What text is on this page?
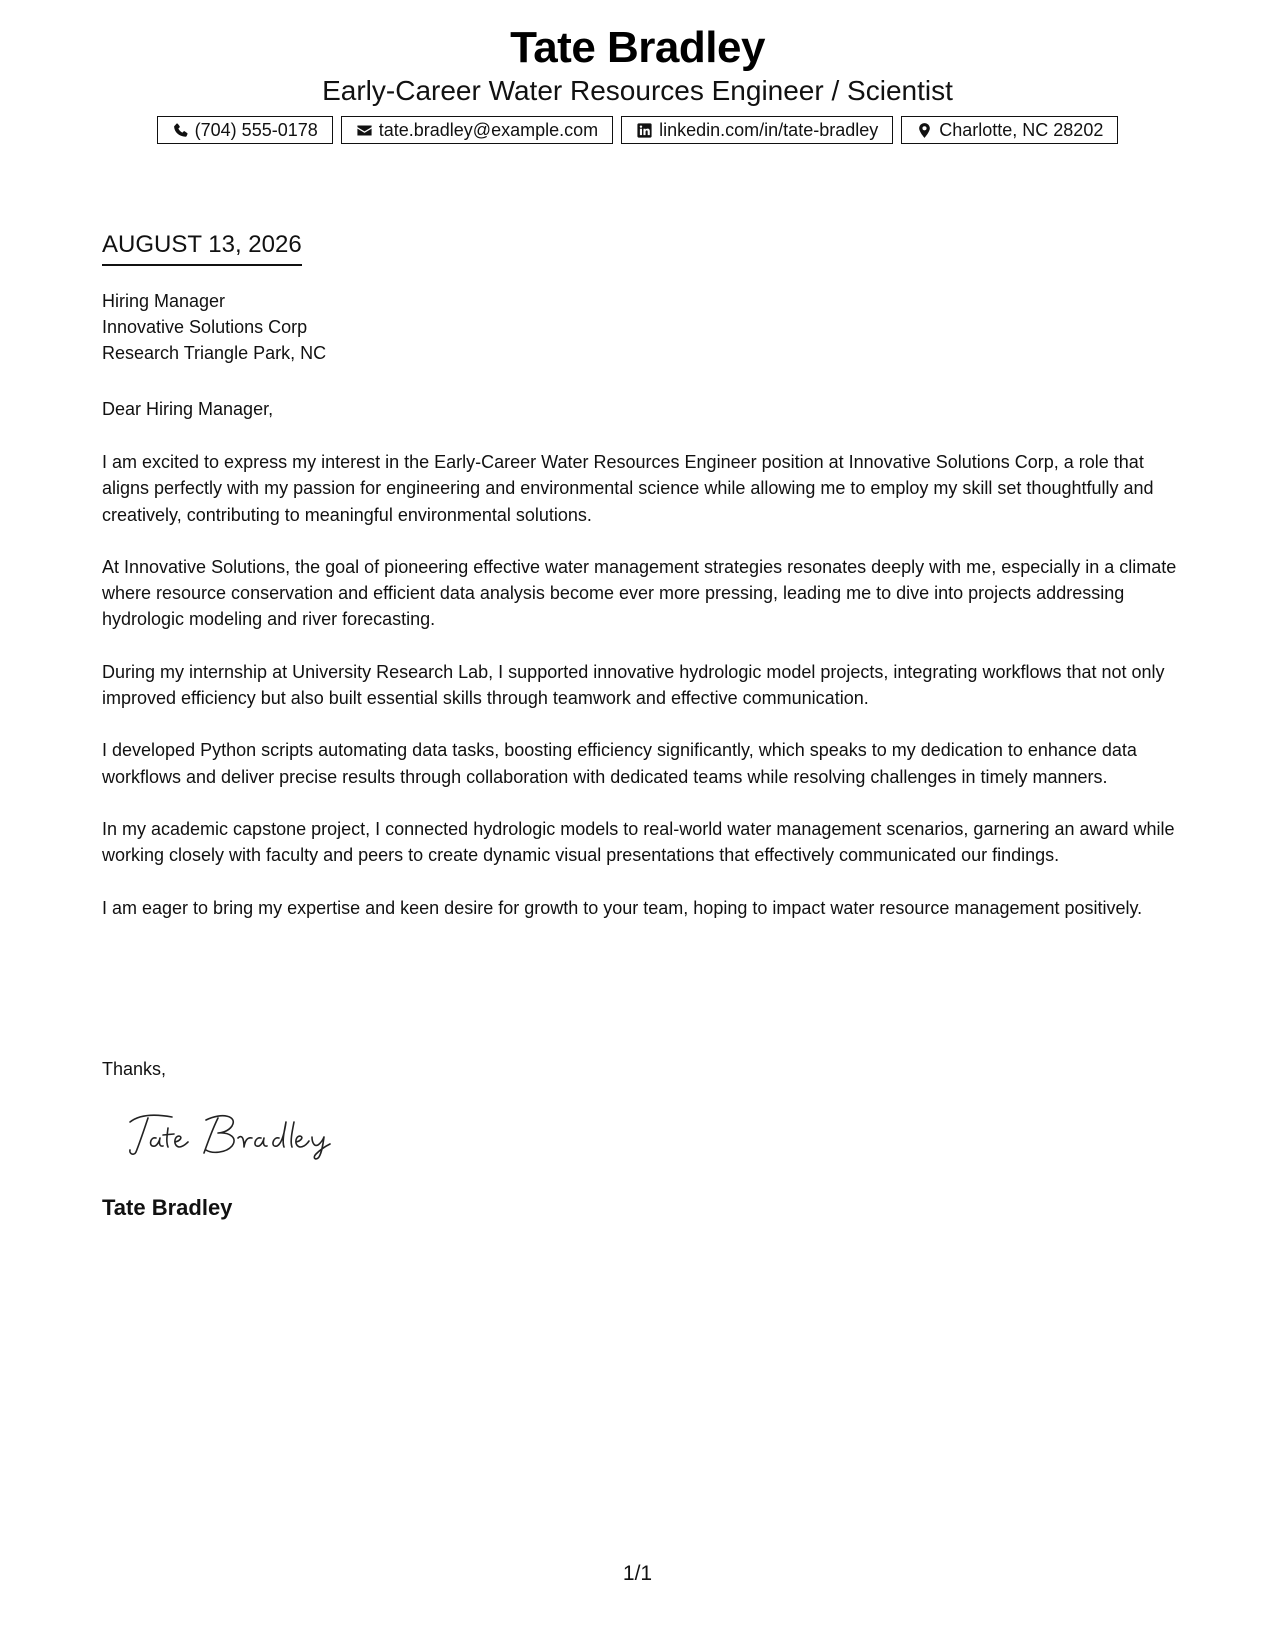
Tate Bradley
Early-Career Water Resources Engineer / Scientist
(704) 555-0178	tate.bradley@example.com	linkedin.com/in/tate-bradley	Charlotte, NC 28202
AUGUST 13, 2026
Hiring Manager
Innovative Solutions Corp
Research Triangle Park, NC
Dear Hiring Manager,

I am excited to express my interest in the Early-Career Water Resources Engineer position at Innovative Solutions Corp, a role that aligns perfectly with my passion for engineering and environmental science while allowing me to employ my skill set thoughtfully and creatively, contributing to meaningful environmental solutions.

At Innovative Solutions, the goal of pioneering effective water management strategies resonates deeply with me, especially in a climate where resource conservation and efficient data analysis become ever more pressing, leading me to dive into projects addressing hydrologic modeling and river forecasting.

During my internship at University Research Lab, I supported innovative hydrologic model projects, integrating workflows that not only improved efficiency but also built essential skills through teamwork and effective communication.

I developed Python scripts automating data tasks, boosting efficiency significantly, which speaks to my dedication to enhance data workflows and deliver precise results through collaboration with dedicated teams while resolving challenges in timely manners.

In my academic capstone project, I connected hydrologic models to real-world water management scenarios, garnering an award while working closely with faculty and peers to create dynamic visual presentations that effectively communicated our findings.

I am eager to bring my expertise and keen desire for growth to your team, hoping to impact water resource management positively.

Thanks,
Tate Bradley
1/1
